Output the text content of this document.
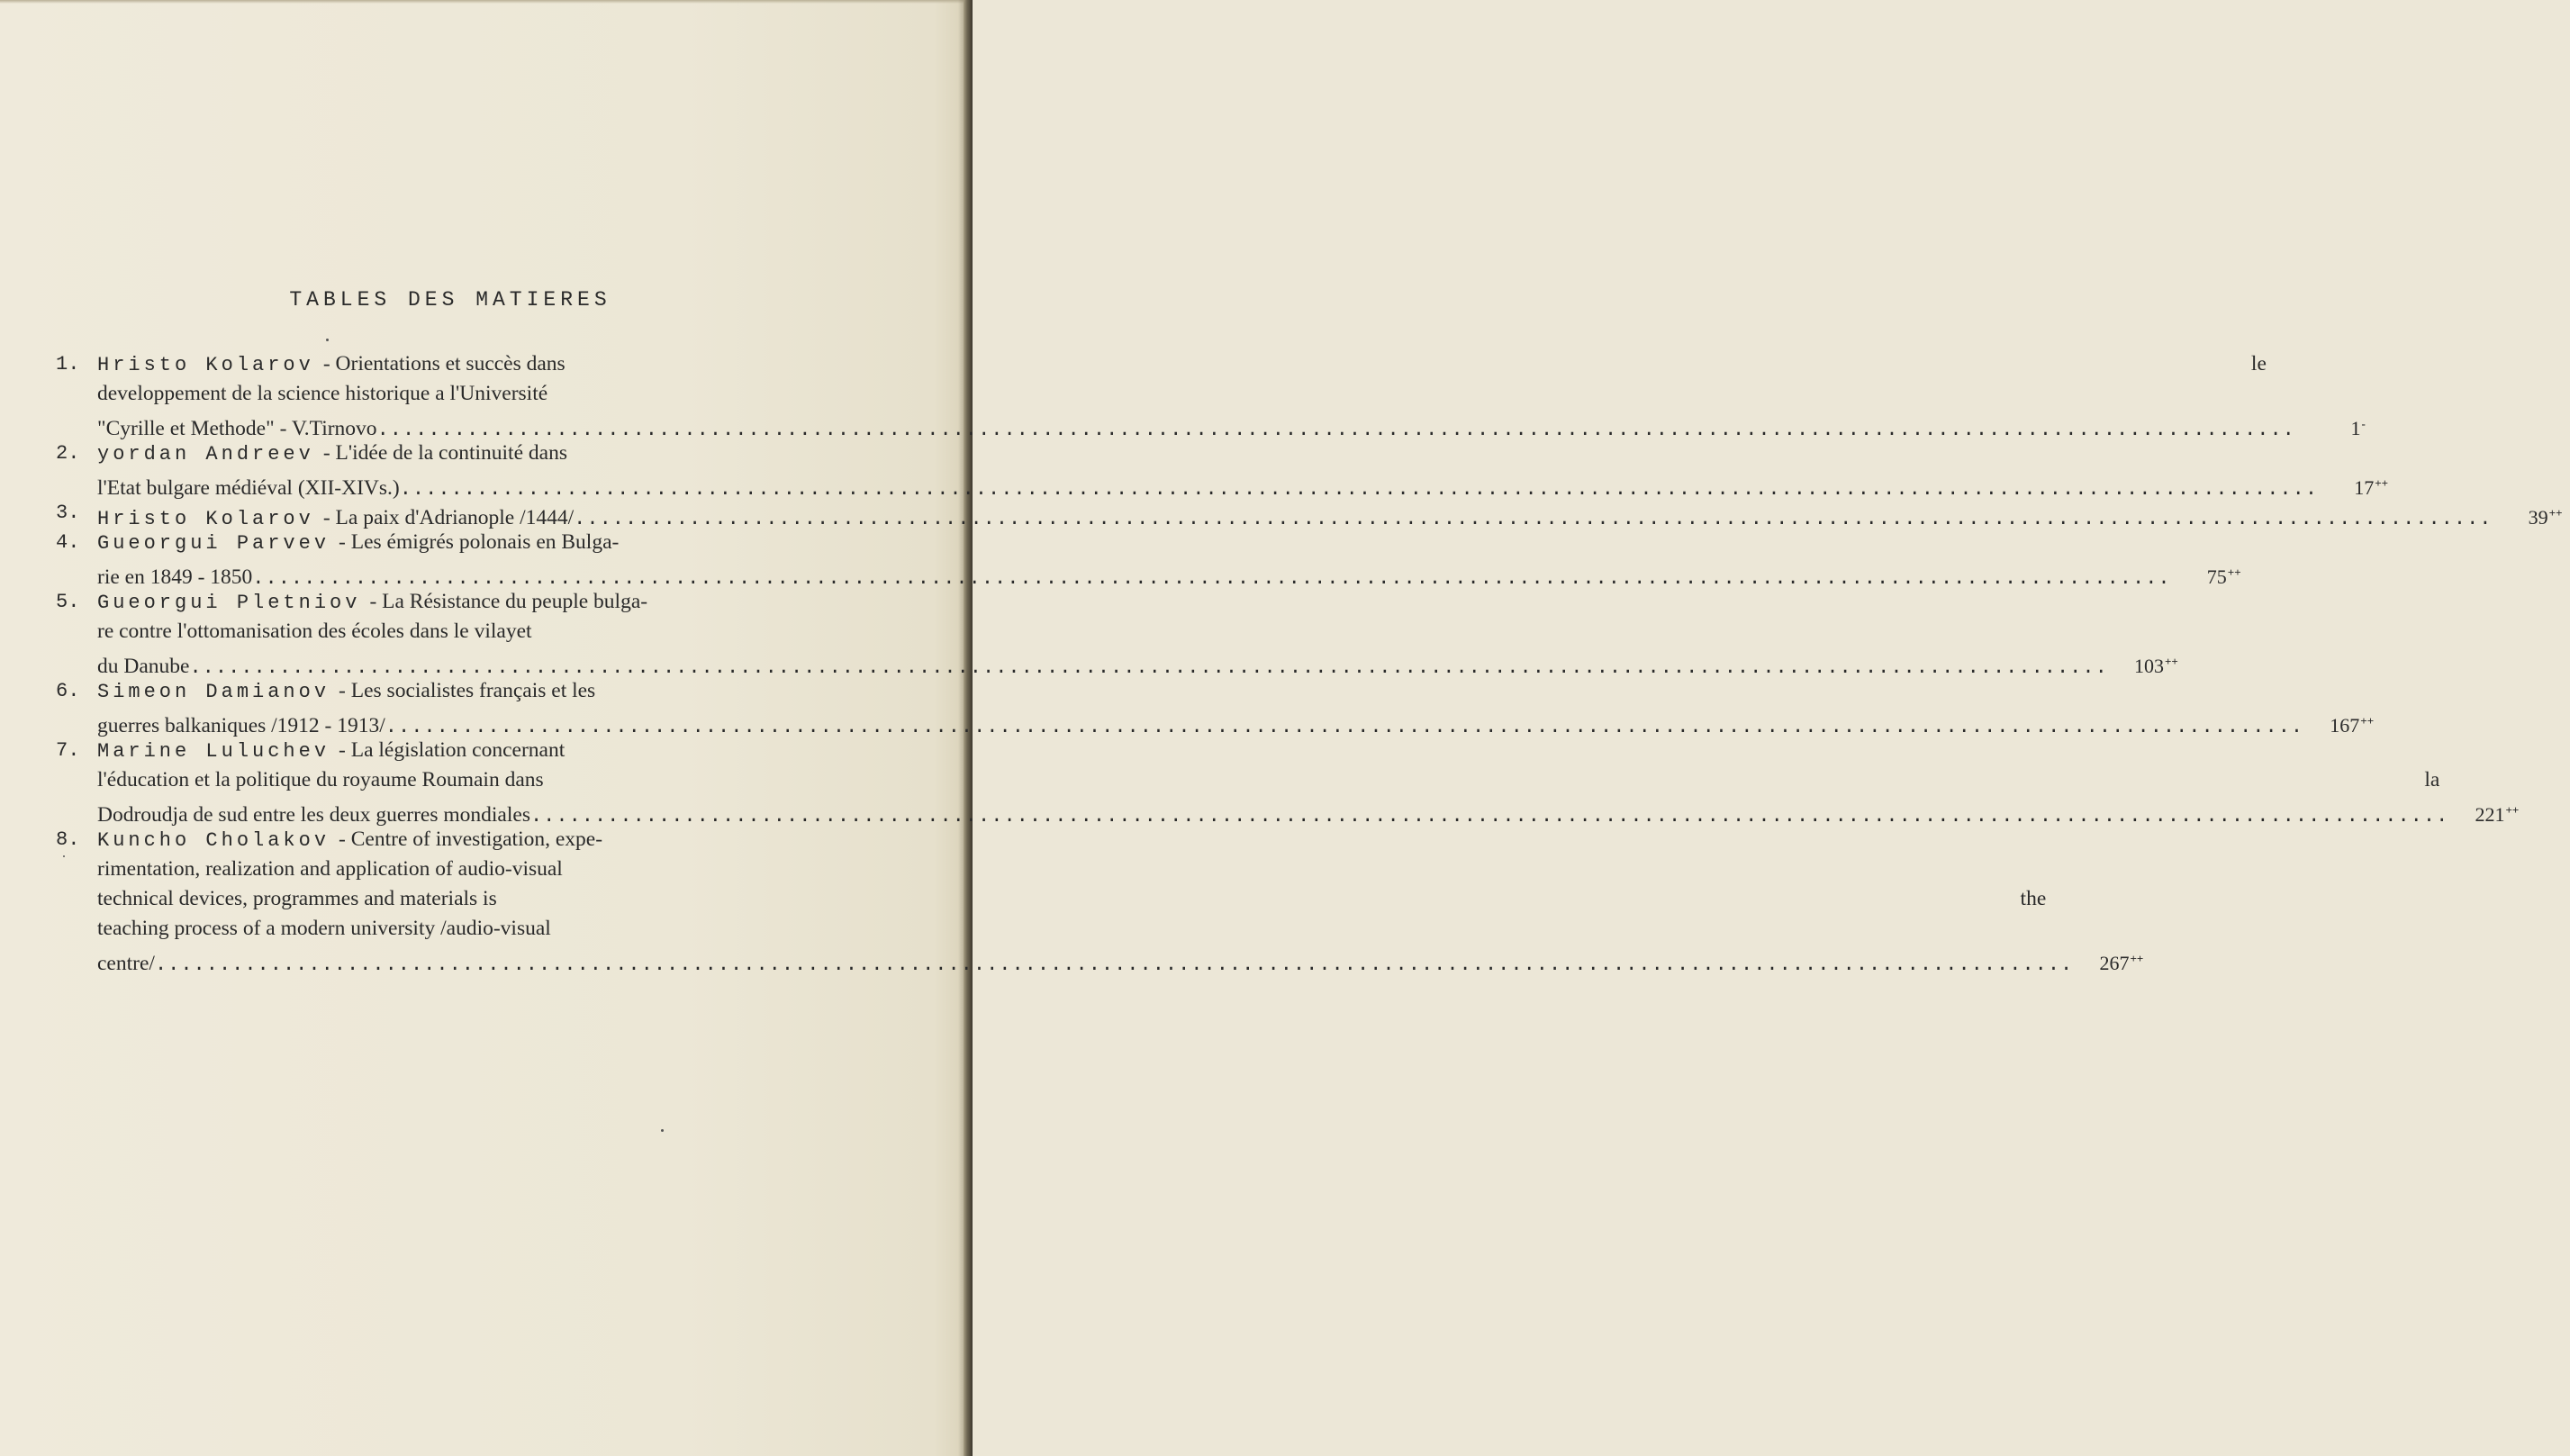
TABLES DES MATIERES
1. Hristo Kolarov - Orientations et succès dans	le
developpement de la science historique a l'Université
"Cyrille et Methode" - V.Tirnovo .....	1-
2. yordan Andreev - L'idée de la continuité dans
l'Etat bulgare médiéval (XII-XIVs.) .....	17++
3. Hristo Kolarov - La paix d'Adrianople /1444/ .....	39++
4. Gueorgui Parvev - Les émigrés polonais en Bulga-
rie en 1849 - 1850 .....	75++
5. Gueorgui Pletniov - La Résistance du peuple bulga-
re contre l'ottomanisation des écoles dans le vilayet
du Danube .....	103++
6. Simeon Damianov - Les socialistes français et les
guerres balkaniques /1912 - 1913/ .....	167++
7. Marine Luluchev - La législation concernant
l'éducation et la politique du royaume Roumain dans	la
Dodroudja de sud entre les deux guerres mondiales .....	221++
8. Kuncho Cholakov - Centre of investigation, expe-
rimentation, realization and application of audio-visual
technical devices, programmes and materials is	the
teaching process of a modern university /audio-visual
centre/ .....	267++
